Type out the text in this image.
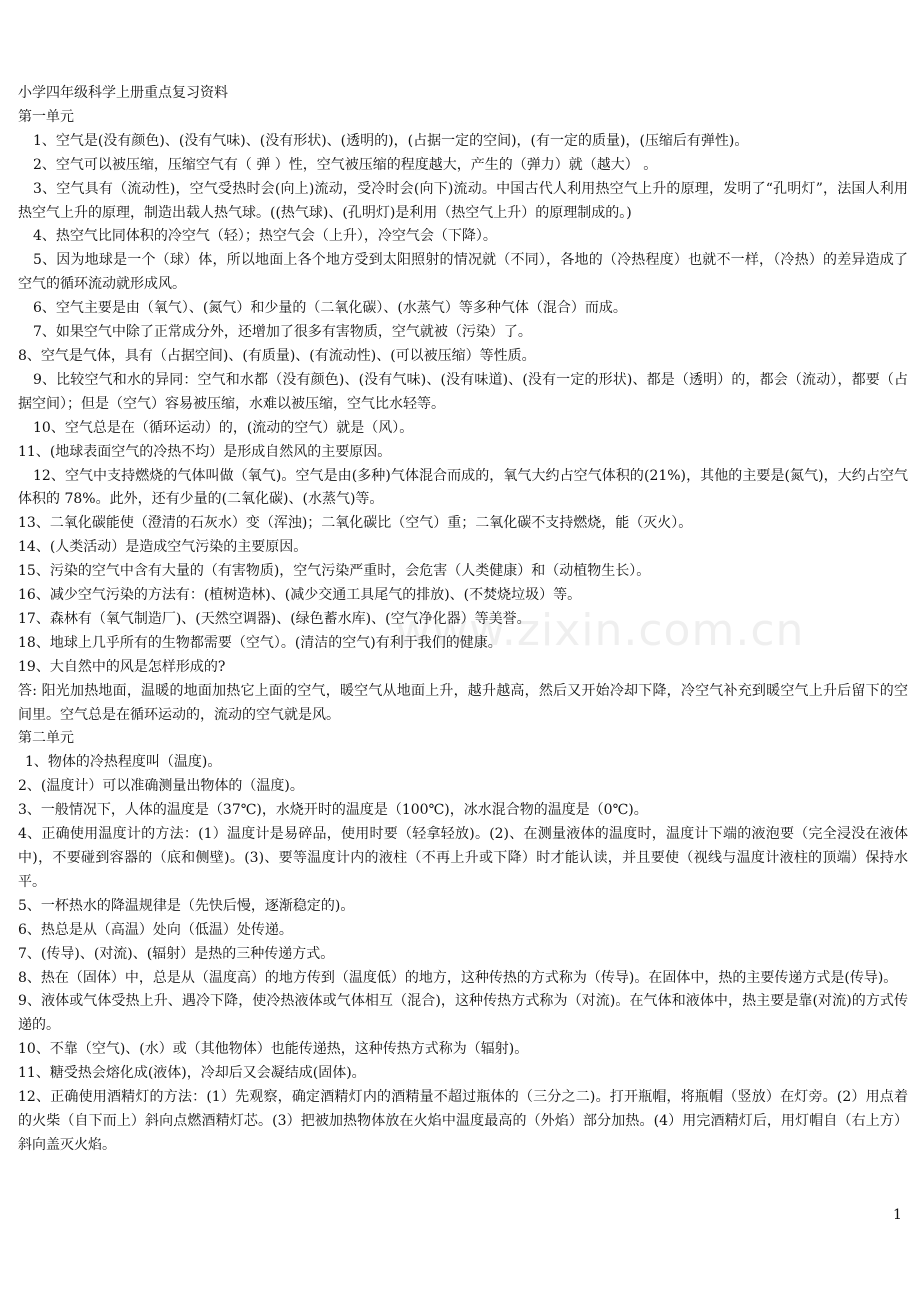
www.zixin.com.cn

小学四年级科学上册重点复习资料

第一单元

1、空气是(没有颜色)、(没有气味)、(没有形状)、(透明的)，(占据一定的空间)，(有一定的质量)，(压缩后有弹性)。

2、空气可以被压缩，压缩空气有（ 弹 ）性，空气被压缩的程度越大，产生的（弹力）就（越大） 。

3、空气具有（流动性)，空气受热时会(向上)流动，受冷时会(向下)流动。中国古代人利用热空气上升的原理，发明了“孔明灯”，法国人利用热空气上升的原理，制造出载人热气球。((热气球)、(孔明灯)是利用（热空气上升）的原理制成的。)

4、热空气比同体积的冷空气（轻）；热空气会（上升），冷空气会（下降）。

5、因为地球是一个（球）体，所以地面上各个地方受到太阳照射的情况就（不同），各地的（冷热程度）也就不一样，（冷热）的差异造成了空气的循环流动就形成风。

6、空气主要是由（氧气）、(氮气）和少量的（二氧化碳）、(水蒸气）等多种气体（混合）而成。

7、如果空气中除了正常成分外，还增加了很多有害物质，空气就被（污染）了。

8、空气是气体，具有（占据空间)、(有质量)、(有流动性)、(可以被压缩）等性质。

9、比较空气和水的异同：空气和水都（没有颜色)、(没有气味)、(没有味道)、(没有一定的形状)、都是（透明）的，都会（流动），都要（占据空间）；但是（空气）容易被压缩，水难以被压缩，空气比水轻等。

10、空气总是在（循环运动）的，(流动的空气）就是（风）。

11、(地球表面空气的冷热不均）是形成自然风的主要原因。

12、空气中支持燃烧的气体叫做（氧气)。空气是由(多种)气体混合而成的，氧气大约占空气体积的(21%)，其他的主要是(氮气)，大约占空气体积的 78%。此外，还有少量的(二氧化碳)、(水蒸气)等。

13、二氧化碳能使（澄清的石灰水）变（浑浊)；二氧化碳比（空气）重；二氧化碳不支持燃烧，能（灭火）。

14、(人类活动）是造成空气污染的主要原因。

15、污染的空气中含有大量的（有害物质)，空气污染严重时，会危害（人类健康）和（动植物生长）。

16、减少空气污染的方法有：(植树造林)、(减少交通工具尾气的排放)、(不焚烧垃圾）等。

17、森林有（氧气制造厂)、(天然空调器)、(绿色蓄水库)、(空气净化器）等美誉。

18、地球上几乎所有的生物都需要（空气）。(清洁的空气)有利于我们的健康。

19、大自然中的风是怎样形成的?

答: 阳光加热地面，温暖的地面加热它上面的空气，暖空气从地面上升，越升越高，然后又开始冷却下降，冷空气补充到暖空气上升后留下的空间里。空气总是在循环运动的，流动的空气就是风。

第二单元

1、物体的冷热程度叫（温度)。

2、(温度计）可以准确测量出物体的（温度)。

3、一般情况下，人体的温度是（37℃)，水烧开时的温度是（100℃)，冰水混合物的温度是（0℃)。

4、正确使用温度计的方法：(1）温度计是易碎品，使用时要（轻拿轻放)。(2)、在测量液体的温度时，温度计下端的液泡要（完全浸没在液体中)，不要碰到容器的（底和侧壁)。(3)、要等温度计内的液柱（不再上升或下降）时才能认读，并且要使（视线与温度计液柱的顶端）保持水平。

5、一杯热水的降温规律是（先快后慢，逐渐稳定的)。

6、热总是从（高温）处向（低温）处传递。

7、(传导)、(对流)、(辐射）是热的三种传递方式。

8、热在（固体）中，总是从（温度高）的地方传到（温度低）的地方，这种传热的方式称为（传导)。在固体中，热的主要传递方式是(传导)。

9、液体或气体受热上升、遇冷下降，使冷热液体或气体相互（混合)，这种传热方式称为（对流)。在气体和液体中，热主要是靠(对流)的方式传递的。

10、不靠（空气)、(水）或（其他物体）也能传递热，这种传热方式称为（辐射)。

11、糖受热会熔化成(液体)，冷却后又会凝结成(固体)。

12、正确使用酒精灯的方法：(1）先观察，确定酒精灯内的酒精量不超过瓶体的（三分之二)。打开瓶帽，将瓶帽（竖放）在灯旁。(2）用点着的火柴（自下而上）斜向点燃酒精灯芯。(3）把被加热物体放在火焰中温度最高的（外焰）部分加热。(4）用完酒精灯后，用灯帽自（右上方）斜向盖灭火焰。

1
